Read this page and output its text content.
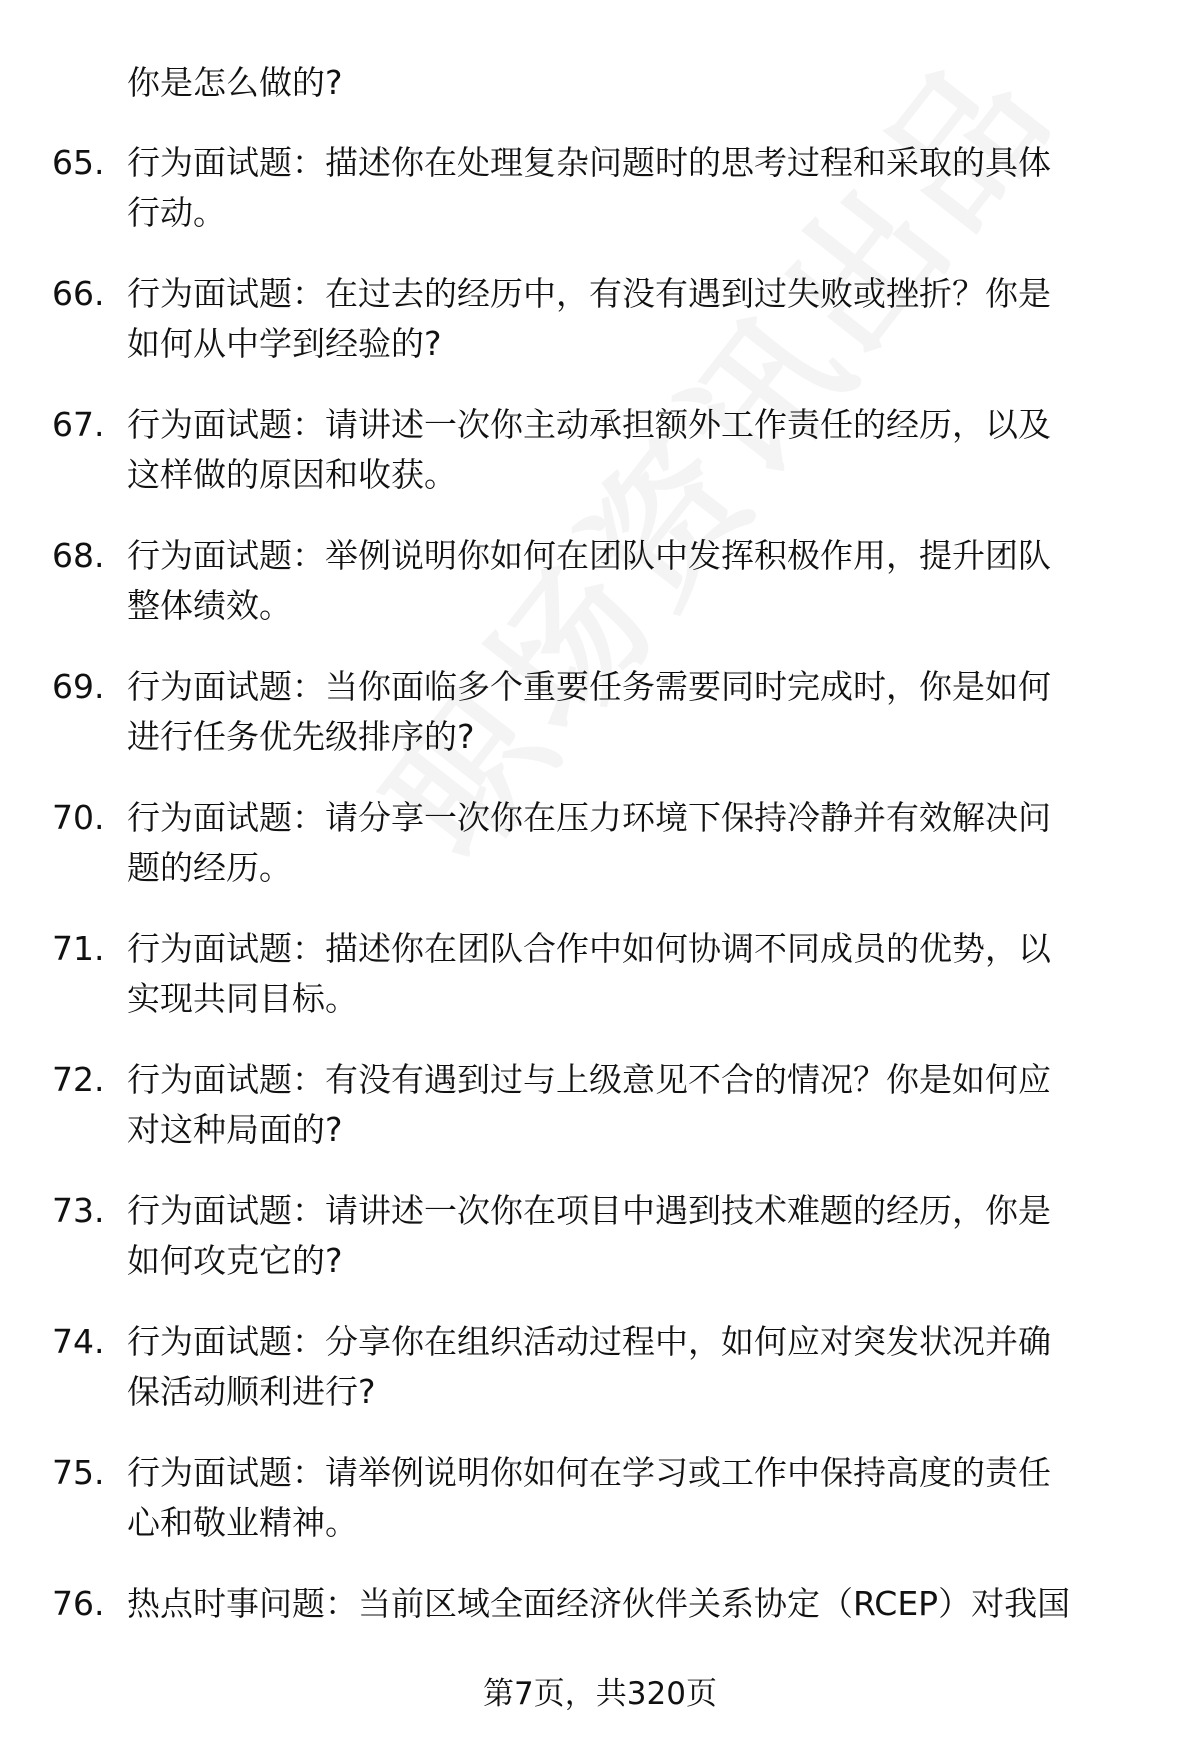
你是怎么做的?
65. 行为面试题：描述你在处理复杂问题时的思考过程和采取的具体
行动。
66. 行为面试题：在过去的经历中，有没有遇到过失败或挫折？你是
如何从中学到经验的?
67. 行为面试题：请讲述一次你主动承担额外工作责任的经历，以及
这样做的原因和收获。
68. 行为面试题：举例说明你如何在团队中发挥积极作用，提升团队
整体绩效。
69. 行为面试题：当你面临多个重要任务需要同时完成时，你是如何
进行任务优先级排序的?
70. 行为面试题：请分享一次你在压力环境下保持冷静并有效解决问
题的经历。
71. 行为面试题：描述你在团队合作中如何协调不同成员的优势，以
实现共同目标。
72. 行为面试题：有没有遇到过与上级意见不合的情况？你是如何应
对这种局面的?
73. 行为面试题：请讲述一次你在项目中遇到技术难题的经历，你是
如何攻克它的?
74. 行为面试题：分享你在组织活动过程中，如何应对突发状况并确
保活动顺利进行?
75. 行为面试题：请举例说明你如何在学习或工作中保持高度的责任
心和敬业精神。
76. 热点时事问题：当前区域全面经济伙伴关系协定（RCEP）对我国
第7页，共320页
